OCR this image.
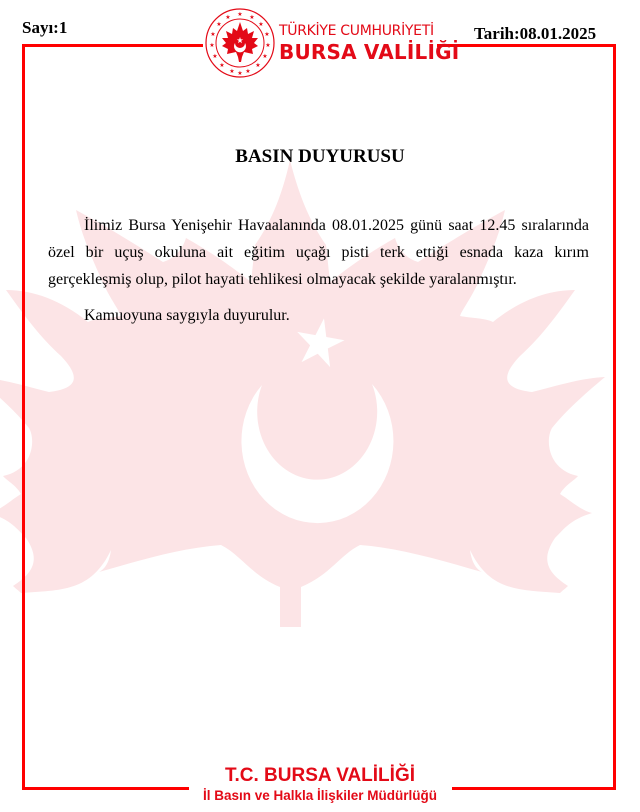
Sayı:1	Tarih:08.01.2025
★ ★
★
★
★
★
★
★
★
★
★
★
★
★
★ ★
TÜRKİYE CUMHURİYETİ
BURSA VALİLİĞİ
BASIN DUYURUSU

İlimiz Bursa Yenişehir Havaalanında 08.01.2025 günü saat 12.45 sıralarında özel bir uçuş okuluna ait eğitim uçağı pisti terk ettiği esnada kaza kırım gerçekleşmiş olup, pilot hayati tehlikesi olmayacak şekilde yaralanmıştır.

Kamuoyuna saygıyla duyurulur.

T.C. BURSA VALİLİĞİ
İl Basın ve Halkla İlişkiler Müdürlüğü
